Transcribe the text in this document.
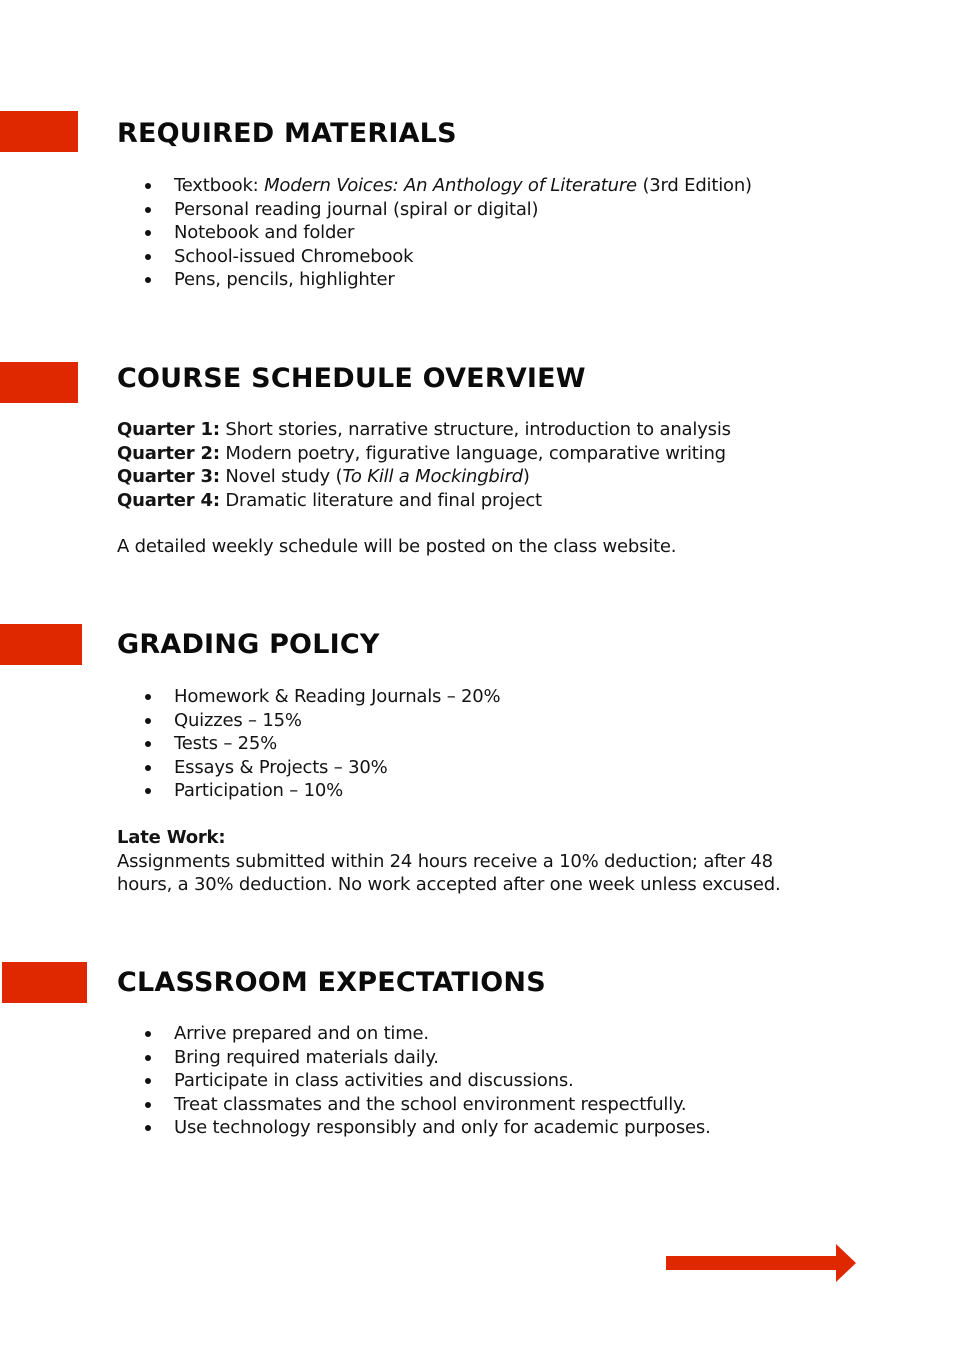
REQUIRED MATERIALS
Textbook: Modern Voices: An Anthology of Literature (3rd Edition)
Personal reading journal (spiral or digital)
Notebook and folder
School-issued Chromebook
Pens, pencils, highlighter
COURSE SCHEDULE OVERVIEW
Quarter 1: Short stories, narrative structure, introduction to analysis
Quarter 2: Modern poetry, figurative language, comparative writing
Quarter 3: Novel study (To Kill a Mockingbird)
Quarter 4: Dramatic literature and final project

A detailed weekly schedule will be posted on the class website.

GRADING POLICY
Homework & Reading Journals – 20%
Quizzes – 15%
Tests – 25%
Essays & Projects – 30%
Participation – 10%
Late Work:
Assignments submitted within 24 hours receive a 10% deduction; after 48
hours, a 30% deduction. No work accepted after one week unless excused.
CLASSROOM EXPECTATIONS
Arrive prepared and on time.
Bring required materials daily.
Participate in class activities and discussions.
Treat classmates and the school environment respectfully.
Use technology responsibly and only for academic purposes.
